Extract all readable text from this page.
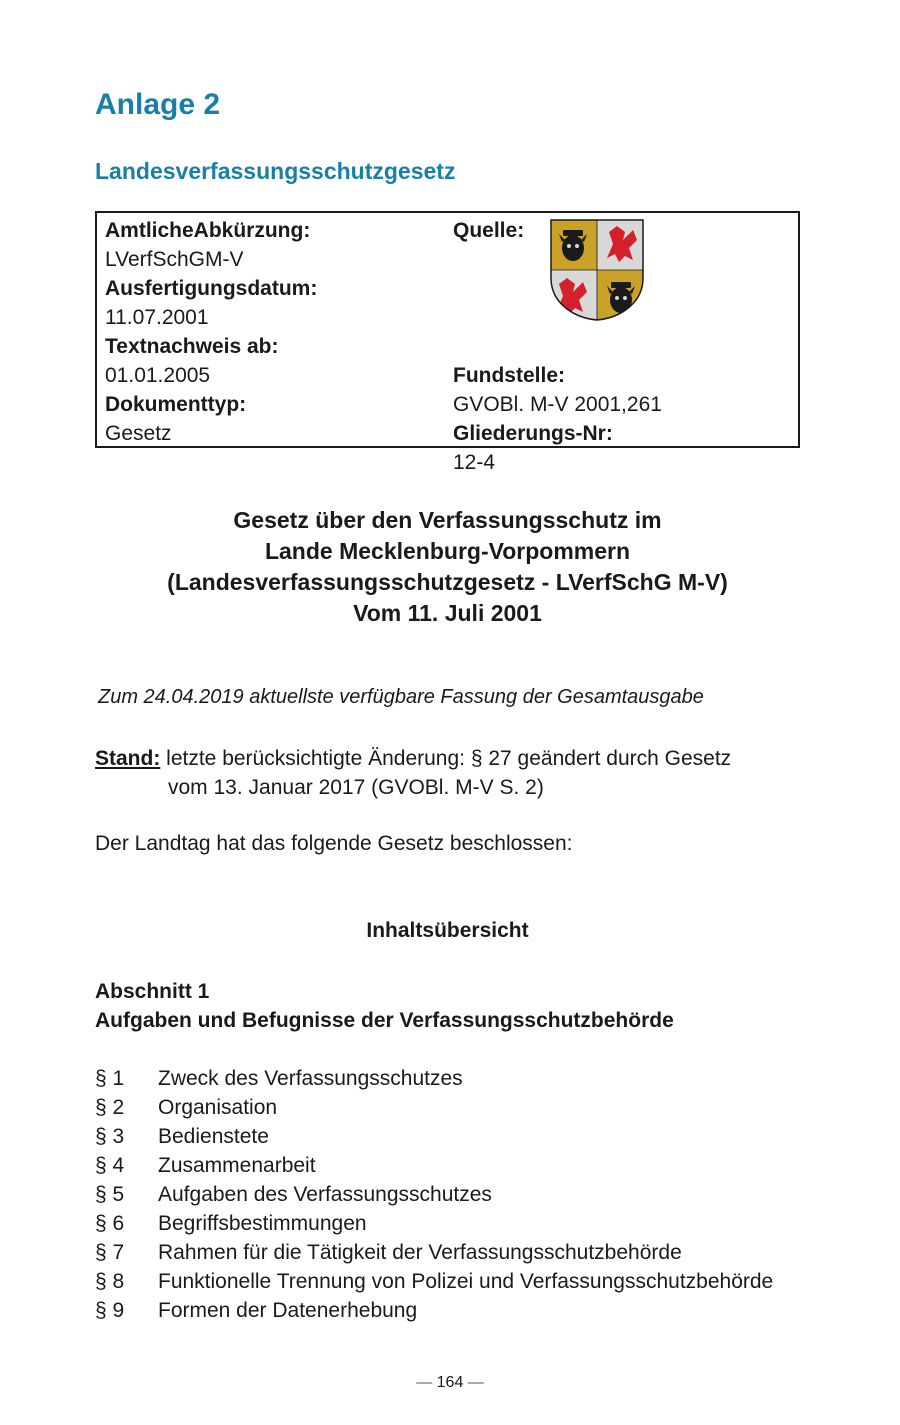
Anlage 2
Landesverfassungsschutzgesetz
AmtlicheAbkürzung:
LVerfSchGM-V
Ausfertigungsdatum:
11.07.2001
Textnachweis ab:
01.01.2005
Dokumenttyp:
Gesetz
Quelle:
Fundstelle:
GVOBl. M-V 2001,261
Gliederungs-Nr:
12-4
Gesetz über den Verfassungsschutz im
Lande Mecklenburg-Vorpommern
(Landesverfassungsschutzgesetz - LVerfSchG M-V)
Vom 11. Juli 2001
Zum 24.04.2019 aktuellste verfügbare Fassung der Gesamtausgabe
Stand: letzte berücksichtigte Änderung: § 27 geändert durch Gesetz
vom 13. Januar 2017 (GVOBl. M-V S. 2)
Der Landtag hat das folgende Gesetz beschlossen:
Inhaltsübersicht
Abschnitt 1
Aufgaben und Befugnisse der Verfassungsschutzbehörde
§ 1 Zweck des Verfassungsschutzes
§ 2 Organisation
§ 3 Bedienstete
§ 4 Zusammenarbeit
§ 5 Aufgaben des Verfassungsschutzes
§ 6 Begriffsbestimmungen
§ 7 Rahmen für die Tätigkeit der Verfassungsschutzbehörde
§ 8 Funktionelle Trennung von Polizei und Verfassungsschutzbehörde
§ 9 Formen der Datenerhebung
— 164 —
